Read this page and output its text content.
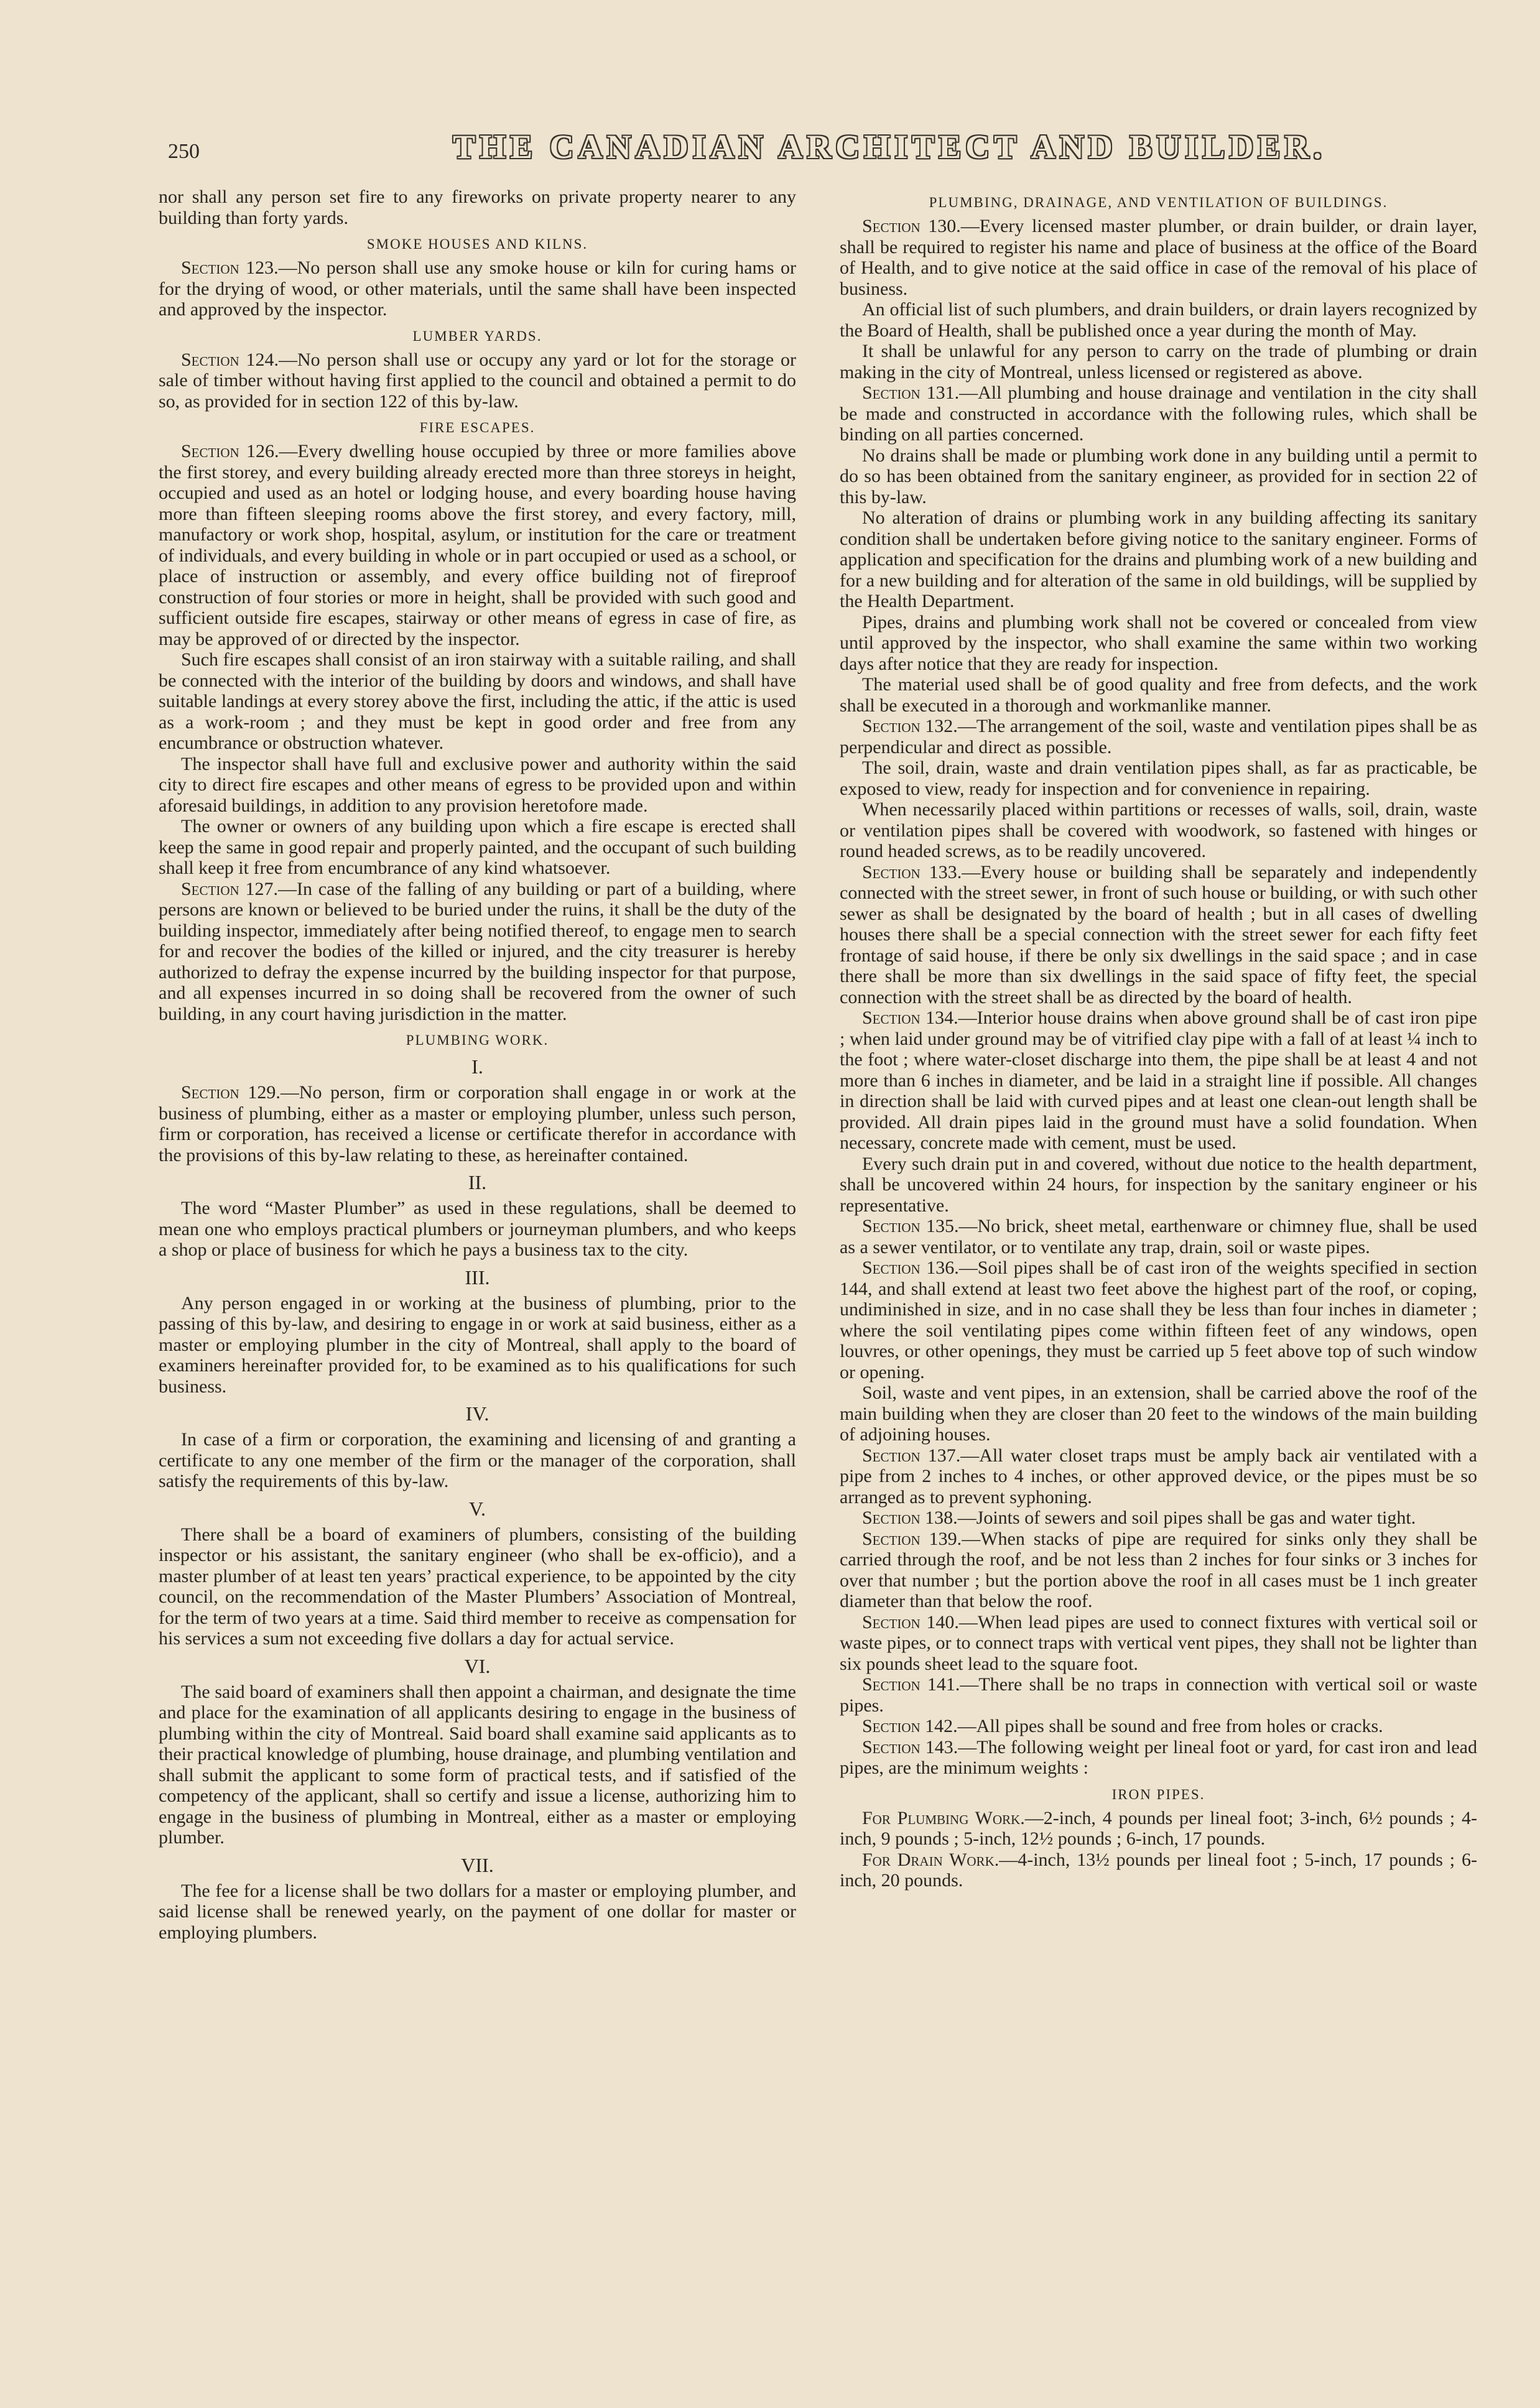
250	THE CANADIAN ARCHITECT AND BUILDER.

nor shall any person set fire to any fireworks on private property nearer to any building than forty yards.

SMOKE HOUSES AND KILNS.

Section 123.—No person shall use any smoke house or kiln for curing hams or for the drying of wood, or other materials, until the same shall have been inspected and approved by the inspector.

LUMBER YARDS.

Section 124.—No person shall use or occupy any yard or lot for the storage or sale of timber without having first applied to the council and obtained a permit to do so, as provided for in section 122 of this by-law.

FIRE ESCAPES.

Section 126.—Every dwelling house occupied by three or more families above the first storey, and every building already erected more than three storeys in height, occupied and used as an hotel or lodging house, and every boarding house having more than fifteen sleeping rooms above the first storey, and every factory, mill, manufactory or work shop, hospital, asylum, or institution for the care or treatment of individuals, and every building in whole or in part occupied or used as a school, or place of instruction or assembly, and every office building not of fireproof construction of four stories or more in height, shall be provided with such good and sufficient outside fire escapes, stairway or other means of egress in case of fire, as may be approved of or directed by the inspector.

Such fire escapes shall consist of an iron stairway with a suitable railing, and shall be connected with the interior of the building by doors and windows, and shall have suitable landings at every storey above the first, including the attic, if the attic is used as a work-room ; and they must be kept in good order and free from any encumbrance or obstruction whatever.

The inspector shall have full and exclusive power and authority within the said city to direct fire escapes and other means of egress to be provided upon and within aforesaid buildings, in addition to any provision heretofore made.

The owner or owners of any building upon which a fire escape is erected shall keep the same in good repair and properly painted, and the occupant of such building shall keep it free from encumbrance of any kind whatsoever.

Section 127.—In case of the falling of any building or part of a building, where persons are known or believed to be buried under the ruins, it shall be the duty of the building inspector, immediately after being notified thereof, to engage men to search for and recover the bodies of the killed or injured, and the city treasurer is hereby authorized to defray the expense incurred by the building inspector for that purpose, and all expenses incurred in so doing shall be recovered from the owner of such building, in any court having jurisdiction in the matter.

PLUMBING WORK.
I.

Section 129.—No person, firm or corporation shall engage in or work at the business of plumbing, either as a master or employing plumber, unless such person, firm or corporation, has received a license or certificate therefor in accordance with the provisions of this by-law relating to these, as hereinafter contained.

II.

The word “Master Plumber” as used in these regulations, shall be deemed to mean one who employs practical plumbers or journeyman plumbers, and who keeps a shop or place of business for which he pays a business tax to the city.

III.

Any person engaged in or working at the business of plumbing, prior to the passing of this by-law, and desiring to engage in or work at said business, either as a master or employing plumber in the city of Montreal, shall apply to the board of examiners hereinafter provided for, to be examined as to his qualifications for such business.

IV.

In case of a firm or corporation, the examining and licensing of and granting a certificate to any one member of the firm or the manager of the corporation, shall satisfy the requirements of this by-law.

V.

There shall be a board of examiners of plumbers, consisting of the building inspector or his assistant, the sanitary engineer (who shall be ex-officio), and a master plumber of at least ten years’ practical experience, to be appointed by the city council, on the recommendation of the Master Plumbers’ Association of Montreal, for the term of two years at a time. Said third member to receive as compensation for his services a sum not exceeding five dollars a day for actual service.

VI.

The said board of examiners shall then appoint a chairman, and designate the time and place for the examination of all applicants desiring to engage in the business of plumbing within the city of Montreal. Said board shall examine said applicants as to their practical knowledge of plumbing, house drainage, and plumbing ventilation and shall submit the applicant to some form of practical tests, and if satisfied of the competency of the applicant, shall so certify and issue a license, authorizing him to engage in the business of plumbing in Montreal, either as a master or employing plumber.

VII.

The fee for a license shall be two dollars for a master or employing plumber, and said license shall be renewed yearly, on the payment of one dollar for master or employing plumbers.

PLUMBING, DRAINAGE, AND VENTILATION OF BUILDINGS.

Section 130.—Every licensed master plumber, or drain builder, or drain layer, shall be required to register his name and place of business at the office of the Board of Health, and to give notice at the said office in case of the removal of his place of business.

An official list of such plumbers, and drain builders, or drain layers recognized by the Board of Health, shall be published once a year during the month of May.

It shall be unlawful for any person to carry on the trade of plumbing or drain making in the city of Montreal, unless licensed or registered as above.

Section 131.—All plumbing and house drainage and ventilation in the city shall be made and constructed in accordance with the following rules, which shall be binding on all parties concerned.

No drains shall be made or plumbing work done in any building until a permit to do so has been obtained from the sanitary engineer, as provided for in section 22 of this by-law.

No alteration of drains or plumbing work in any building affecting its sanitary condition shall be undertaken before giving notice to the sanitary engineer. Forms of application and specification for the drains and plumbing work of a new building and for a new building and for alteration of the same in old buildings, will be supplied by the Health Department.

Pipes, drains and plumbing work shall not be covered or concealed from view until approved by the inspector, who shall examine the same within two working days after notice that they are ready for inspection.

The material used shall be of good quality and free from defects, and the work shall be executed in a thorough and workmanlike manner.

Section 132.—The arrangement of the soil, waste and ventilation pipes shall be as perpendicular and direct as possible.

The soil, drain, waste and drain ventilation pipes shall, as far as practicable, be exposed to view, ready for inspection and for convenience in repairing.

When necessarily placed within partitions or recesses of walls, soil, drain, waste or ventilation pipes shall be covered with woodwork, so fastened with hinges or round headed screws, as to be readily uncovered.

Section 133.—Every house or building shall be separately and independently connected with the street sewer, in front of such house or building, or with such other sewer as shall be designated by the board of health ; but in all cases of dwelling houses there shall be a special connection with the street sewer for each fifty feet frontage of said house, if there be only six dwellings in the said space ; and in case there shall be more than six dwellings in the said space of fifty feet, the special connection with the street shall be as directed by the board of health.

Section 134.—Interior house drains when above ground shall be of cast iron pipe ; when laid under ground may be of vitrified clay pipe with a fall of at least ¼ inch to the foot ; where water-closet discharge into them, the pipe shall be at least 4 and not more than 6 inches in diameter, and be laid in a straight line if possible. All changes in direction shall be laid with curved pipes and at least one clean-out length shall be provided. All drain pipes laid in the ground must have a solid foundation. When necessary, concrete made with cement, must be used.

Every such drain put in and covered, without due notice to the health department, shall be uncovered within 24 hours, for inspection by the sanitary engineer or his representative.

Section 135.—No brick, sheet metal, earthenware or chimney flue, shall be used as a sewer ventilator, or to ventilate any trap, drain, soil or waste pipes.

Section 136.—Soil pipes shall be of cast iron of the weights specified in section 144, and shall extend at least two feet above the highest part of the roof, or coping, undiminished in size, and in no case shall they be less than four inches in diameter ; where the soil ventilating pipes come within fifteen feet of any windows, open louvres, or other openings, they must be carried up 5 feet above top of such window or opening.

Soil, waste and vent pipes, in an extension, shall be carried above the roof of the main building when they are closer than 20 feet to the windows of the main building of adjoining houses.

Section 137.—All water closet traps must be amply back air ventilated with a pipe from 2 inches to 4 inches, or other approved device, or the pipes must be so arranged as to prevent syphoning.

Section 138.—Joints of sewers and soil pipes shall be gas and water tight.

Section 139.—When stacks of pipe are required for sinks only they shall be carried through the roof, and be not less than 2 inches for four sinks or 3 inches for over that number ; but the portion above the roof in all cases must be 1 inch greater diameter than that below the roof.

Section 140.—When lead pipes are used to connect fixtures with vertical soil or waste pipes, or to connect traps with vertical vent pipes, they shall not be lighter than six pounds sheet lead to the square foot.

Section 141.—There shall be no traps in connection with vertical soil or waste pipes.

Section 142.—All pipes shall be sound and free from holes or cracks.

Section 143.—The following weight per lineal foot or yard, for cast iron and lead pipes, are the minimum weights :

IRON PIPES.

For Plumbing Work.—2-inch, 4 pounds per lineal foot; 3-inch, 6½ pounds ; 4-inch, 9 pounds ; 5-inch, 12½ pounds ; 6-inch, 17 pounds.

For Drain Work.—4-inch, 13½ pounds per lineal foot ; 5-inch, 17 pounds ; 6-inch, 20 pounds.
